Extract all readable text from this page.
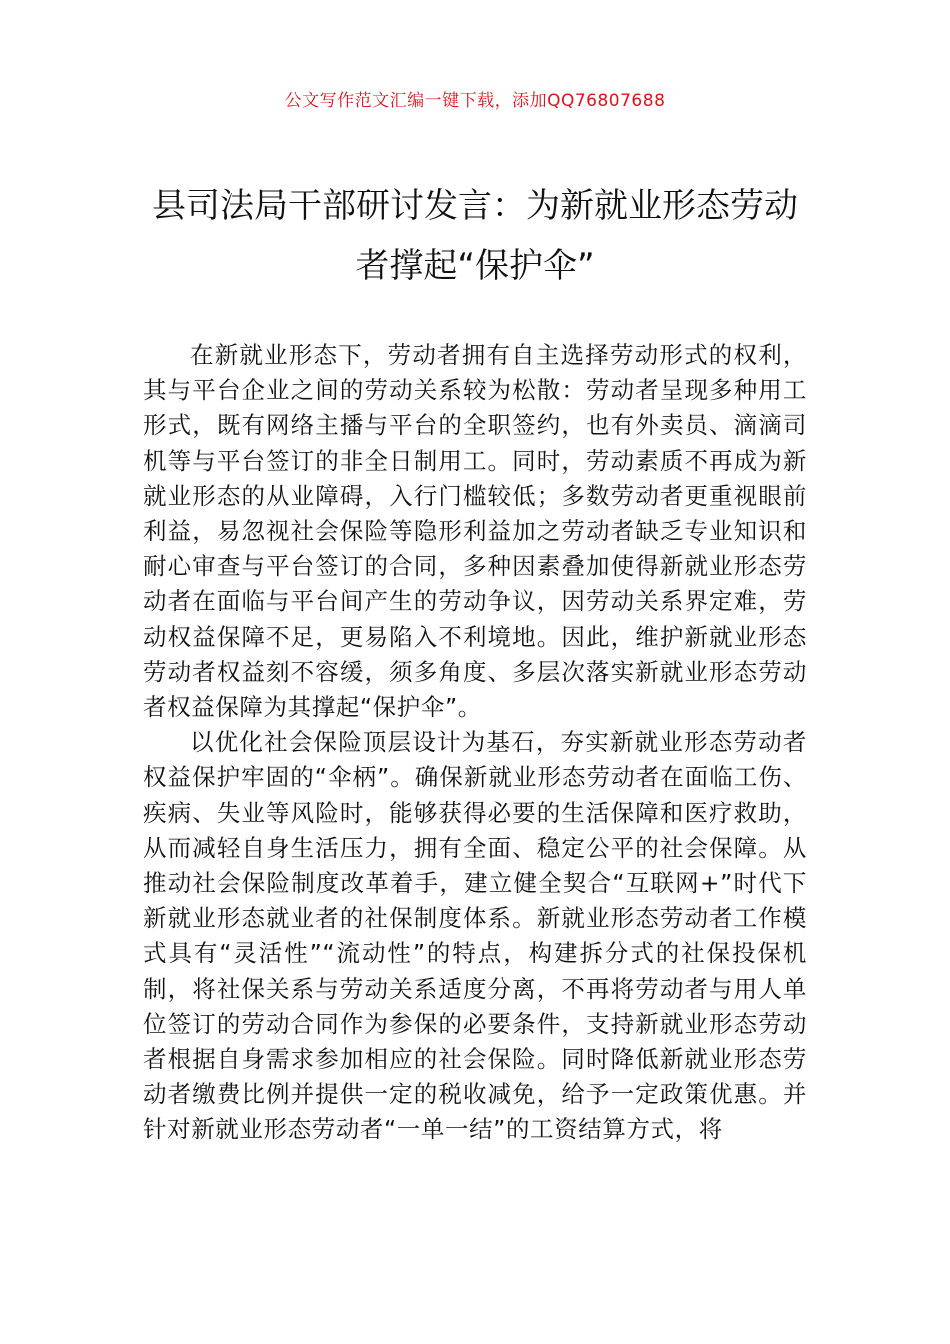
公文写作范文汇编一键下载，添加QQ76807688
县司法局干部研讨发言：为新就业形态劳动者撑起“保护伞”

在新就业形态下，劳动者拥有自主选择劳动形式的权利，其与平台企业之间的劳动关系较为松散：劳动者呈现多种用工形式，既有网络主播与平台的全职签约，也有外卖员、滴滴司机等与平台签订的非全日制用工。同时，劳动素质不再成为新就业形态的从业障碍，入行门槛较低；多数劳动者更重视眼前利益，易忽视社会保险等隐形利益加之劳动者缺乏专业知识和耐心审查与平台签订的合同，多种因素叠加使得新就业形态劳动者在面临与平台间产生的劳动争议，因劳动关系界定难，劳动权益保障不足，更易陷入不利境地。因此，维护新就业形态劳动者权益刻不容缓，须多角度、多层次落实新就业形态劳动者权益保障为其撑起“保护伞”。

以优化社会保险顶层设计为基石，夯实新就业形态劳动者权益保护牢固的“伞柄”。确保新就业形态劳动者在面临工伤、疾病、失业等风险时，能够获得必要的生活保障和医疗救助，从而减轻自身生活压力，拥有全面、稳定公平的社会保障。从推动社会保险制度改革着手，建立健全契合“互联网+”时代下新就业形态就业者的社保制度体系。新就业形态劳动者工作模式具有“灵活性”“流动性”的特点，构建拆分式的社保投保机制，将社保关系与劳动关系适度分离，不再将劳动者与用人单位签订的劳动合同作为参保的必要条件，支持新就业形态劳动者根据自身需求参加相应的社会保险。同时降低新就业形态劳动者缴费比例并提供一定的税收减免，给予一定政策优惠。并针对新就业形态劳动者“一单一结”的工资结算方式，将
